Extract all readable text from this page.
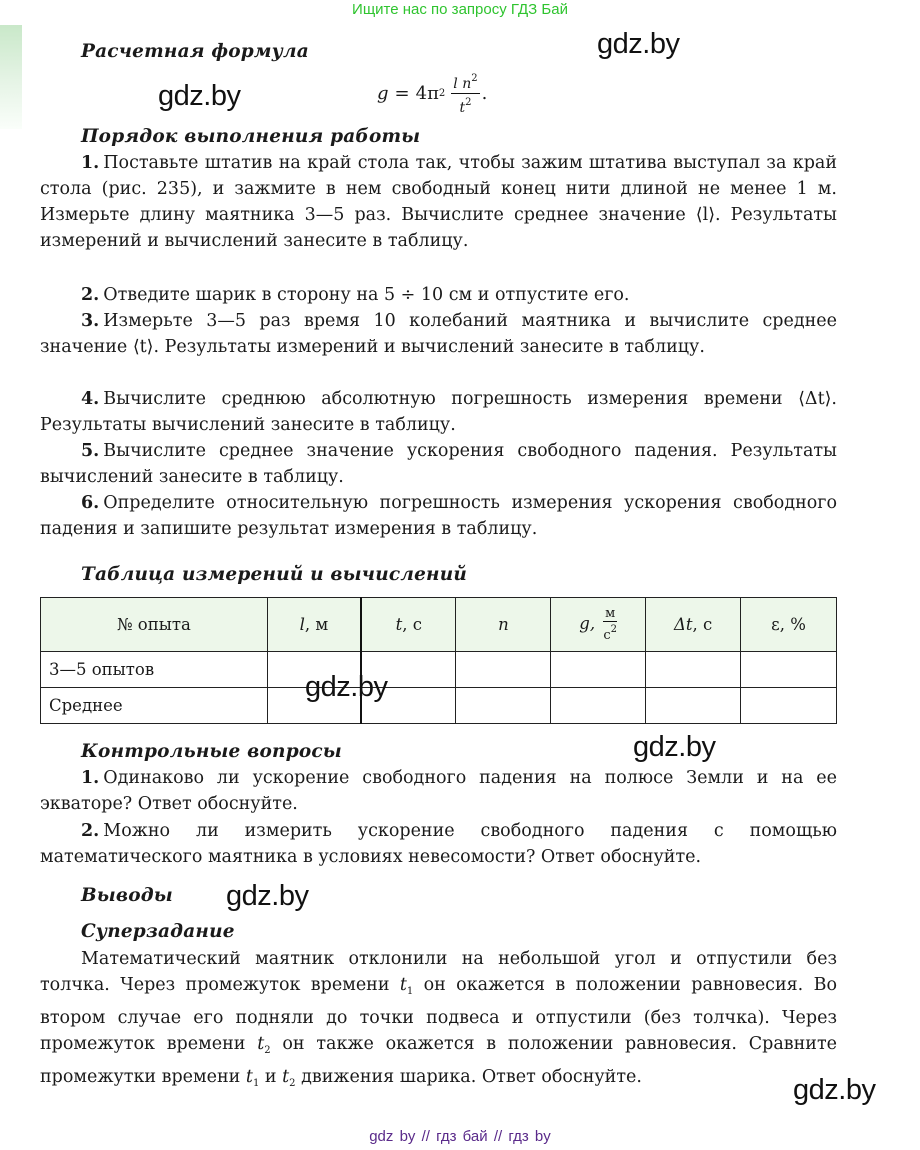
Ищите нас по запросу ГДЗ Бай
gdz.by
gdz.by
gdz.by
gdz.by
gdz.by
gdz.by
Расчетная формула
g = 4π $2 \frac{l n^2}{t^2}$ .
Порядок выполнения работы
1. Поставьте штатив на край стола так, чтобы зажим штатива выступал за край стола (рис. 235), и зажмите в нем свободный конец нити длиной не менее 1 м. Измерьте длину маятника 3—5 раз. Вычислите среднее значение ⟨l⟩. Результаты измерений и вычислений занесите в таблицу.
2. Отведите шарик в сторону на 5 ÷ 10 см и отпустите его.
3. Измерьте 3—5 раз время 10 колебаний маятника и вычислите среднее значение ⟨t⟩. Результаты измерений и вычислений занесите в таблицу.
4. Вычислите среднюю абсолютную погрешность измерения времени ⟨Δt⟩. Результаты вычислений занесите в таблицу.
5. Вычислите среднее значение ускорения свободного падения. Результаты вычислений занесите в таблицу.
6. Определите относительную погрешность измерения ускорения свободного падения и запишите результат измерения в таблицу.
Таблица измерений и вычислений
№ опыта	l, м	t, с	n	g,
м
$с^2$	Δt, с	ε, %
3—5 опытов						
Среднее						
Контрольные вопросы
1. Одинаково ли ускорение свободного падения на полюсе Земли и на ее экваторе? Ответ обоснуйте.
2. Можно ли измерить ускорение свободного падения с помощью математического маятника в условиях невесомости? Ответ обоснуйте.
Выводы
Суперзадание
Математический маятник отклонили на небольшой угол и отпустили без толчка. Через промежуток времени $t_1$ он окажется в положении равновесия. Во втором случае его подняли до точки подвеса и отпустили (без толчка). Через промежуток времени $t_2$ он также окажется в положении равновесия. Сравните промежутки времени $t_1$ и $t_2$ движения шарика. Ответ обоснуйте.
gdz by // гдз бай // гдз by
